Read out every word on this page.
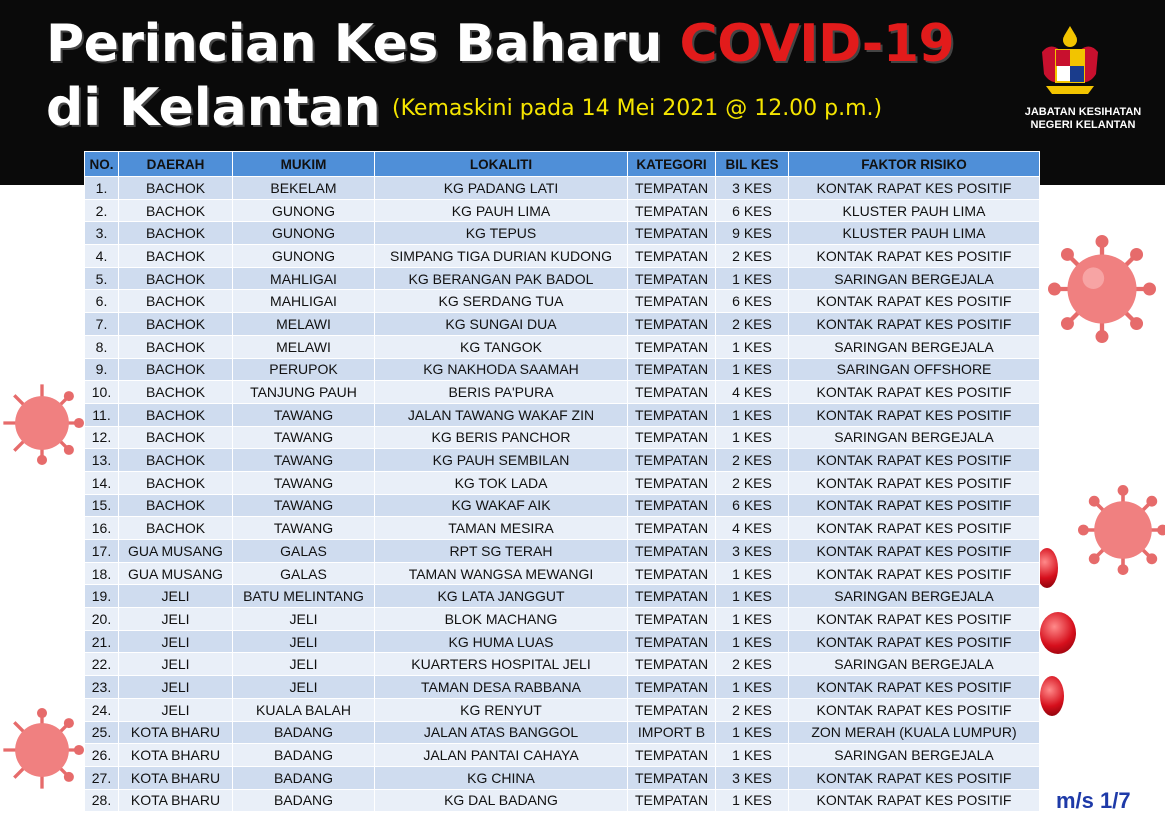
Perincian Kes Baharu COVID-19
di Kelantan (Kemaskini pada 14 Mei 2021 @ 12.00 p.m.)	JABATAN KESIHATAN
NEGERI KELANTAN
NO.	DAERAH	MUKIM	LOKALITI	KATEGORI	BIL KES	FAKTOR RISIKO
1.	BACHOK	BEKELAM	KG PADANG LATI	TEMPATAN	3 KES	KONTAK RAPAT KES POSITIF
2.	BACHOK	GUNONG	KG PAUH LIMA	TEMPATAN	6 KES	KLUSTER PAUH LIMA
3.	BACHOK	GUNONG	KG TEPUS	TEMPATAN	9 KES	KLUSTER PAUH LIMA
4.	BACHOK	GUNONG	SIMPANG TIGA DURIAN KUDONG	TEMPATAN	2 KES	KONTAK RAPAT KES POSITIF
5.	BACHOK	MAHLIGAI	KG BERANGAN PAK BADOL	TEMPATAN	1 KES	SARINGAN BERGEJALA
6.	BACHOK	MAHLIGAI	KG SERDANG TUA	TEMPATAN	6 KES	KONTAK RAPAT KES POSITIF
7.	BACHOK	MELAWI	KG SUNGAI DUA	TEMPATAN	2 KES	KONTAK RAPAT KES POSITIF
8.	BACHOK	MELAWI	KG TANGOK	TEMPATAN	1 KES	SARINGAN BERGEJALA
9.	BACHOK	PERUPOK	KG NAKHODA SAAMAH	TEMPATAN	1 KES	SARINGAN OFFSHORE
10.	BACHOK	TANJUNG PAUH	BERIS PA'PURA	TEMPATAN	4 KES	KONTAK RAPAT KES POSITIF
11.	BACHOK	TAWANG	JALAN TAWANG WAKAF ZIN	TEMPATAN	1 KES	KONTAK RAPAT KES POSITIF
12.	BACHOK	TAWANG	KG BERIS PANCHOR	TEMPATAN	1 KES	SARINGAN BERGEJALA
13.	BACHOK	TAWANG	KG PAUH SEMBILAN	TEMPATAN	2 KES	KONTAK RAPAT KES POSITIF
14.	BACHOK	TAWANG	KG TOK LADA	TEMPATAN	2 KES	KONTAK RAPAT KES POSITIF
15.	BACHOK	TAWANG	KG WAKAF AIK	TEMPATAN	6 KES	KONTAK RAPAT KES POSITIF
16.	BACHOK	TAWANG	TAMAN MESIRA	TEMPATAN	4 KES	KONTAK RAPAT KES POSITIF
17.	GUA MUSANG	GALAS	RPT SG TERAH	TEMPATAN	3 KES	KONTAK RAPAT KES POSITIF
18.	GUA MUSANG	GALAS	TAMAN WANGSA MEWANGI	TEMPATAN	1 KES	KONTAK RAPAT KES POSITIF
19.	JELI	BATU MELINTANG	KG LATA JANGGUT	TEMPATAN	1 KES	SARINGAN BERGEJALA
20.	JELI	JELI	BLOK MACHANG	TEMPATAN	1 KES	KONTAK RAPAT KES POSITIF
21.	JELI	JELI	KG HUMA LUAS	TEMPATAN	1 KES	KONTAK RAPAT KES POSITIF
22.	JELI	JELI	KUARTERS HOSPITAL JELI	TEMPATAN	2 KES	SARINGAN BERGEJALA
23.	JELI	JELI	TAMAN DESA RABBANA	TEMPATAN	1 KES	KONTAK RAPAT KES POSITIF
24.	JELI	KUALA BALAH	KG RENYUT	TEMPATAN	2 KES	KONTAK RAPAT KES POSITIF
25.	KOTA BHARU	BADANG	JALAN ATAS BANGGOL	IMPORT B	1 KES	ZON MERAH (KUALA LUMPUR)
26.	KOTA BHARU	BADANG	JALAN PANTAI CAHAYA	TEMPATAN	1 KES	SARINGAN BERGEJALA
27.	KOTA BHARU	BADANG	KG CHINA	TEMPATAN	3 KES	KONTAK RAPAT KES POSITIF
28.	KOTA BHARU	BADANG	KG DAL BADANG	TEMPATAN	1 KES	KONTAK RAPAT KES POSITIF m/s 1/7
